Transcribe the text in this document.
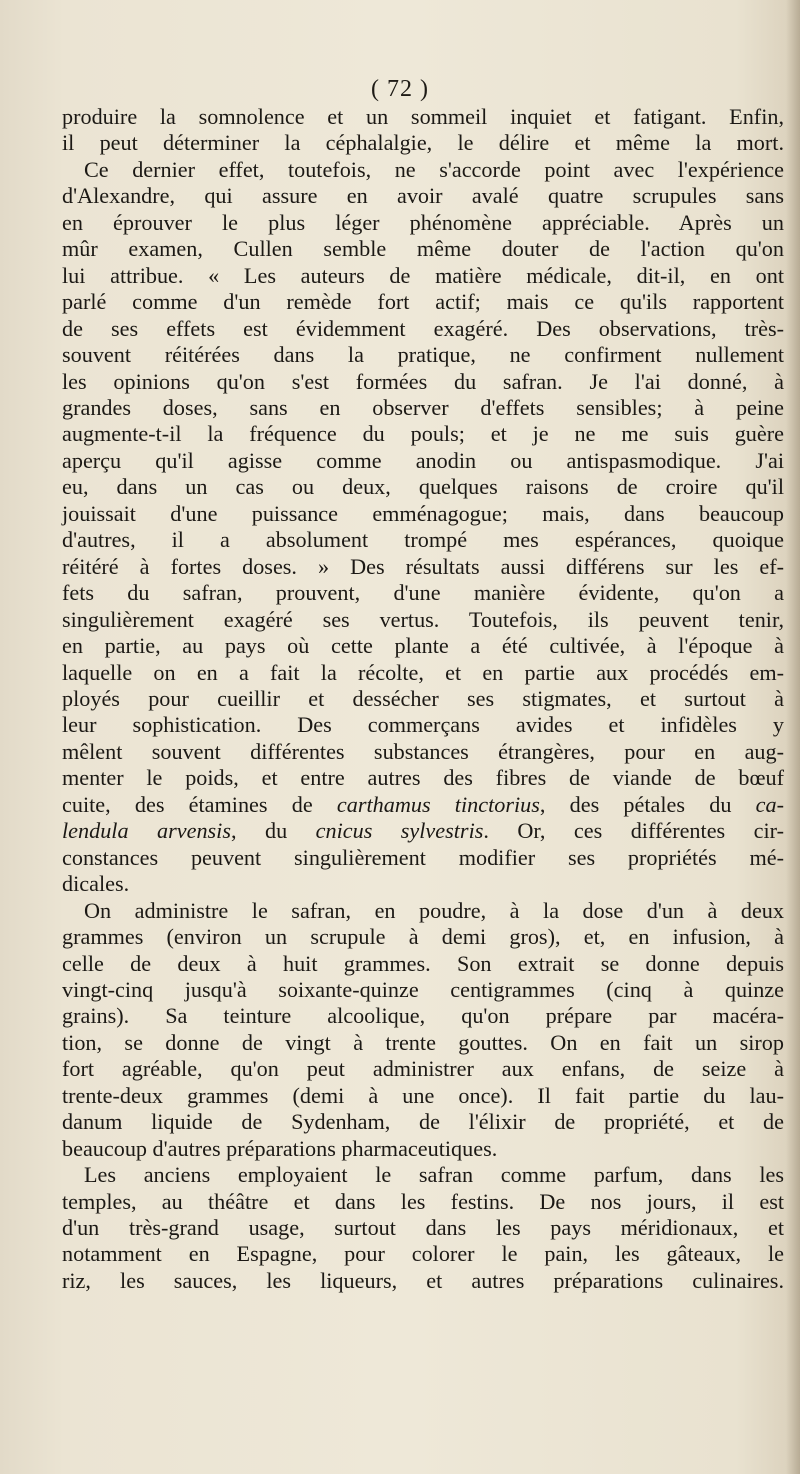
( 72 )
produire la somnolence et un sommeil inquiet et fatigant. Enfin,
il peut déterminer la céphalalgie, le délire et même la mort.
Ce dernier effet, toutefois, ne s'accorde point avec l'expérience
d'Alexandre, qui assure en avoir avalé quatre scrupules sans
en éprouver le plus léger phénomène appréciable. Après un
mûr examen, Cullen semble même douter de l'action qu'on
lui attribue. « Les auteurs de matière médicale, dit-il, en ont
parlé comme d'un remède fort actif; mais ce qu'ils rapportent
de ses effets est évidemment exagéré. Des observations, très-
souvent réitérées dans la pratique, ne confirment nullement
les opinions qu'on s'est formées du safran. Je l'ai donné, à
grandes doses, sans en observer d'effets sensibles; à peine
augmente-t-il la fréquence du pouls; et je ne me suis guère
aperçu qu'il agisse comme anodin ou antispasmodique. J'ai
eu, dans un cas ou deux, quelques raisons de croire qu'il
jouissait d'une puissance emménagogue; mais, dans beaucoup
d'autres, il a absolument trompé mes espérances, quoique
réitéré à fortes doses. » Des résultats aussi différens sur les ef-
fets du safran, prouvent, d'une manière évidente, qu'on a
singulièrement exagéré ses vertus. Toutefois, ils peuvent tenir,
en partie, au pays où cette plante a été cultivée, à l'époque à
laquelle on en a fait la récolte, et en partie aux procédés em-
ployés pour cueillir et dessécher ses stigmates, et surtout à
leur sophistication. Des commerçans avides et infidèles y
mêlent souvent différentes substances étrangères, pour en aug-
menter le poids, et entre autres des fibres de viande de bœuf
cuite, des étamines de carthamus tinctorius, des pétales du ca-
lendula arvensis, du cnicus sylvestris. Or, ces différentes cir-
constances peuvent singulièrement modifier ses propriétés mé-
dicales.
On administre le safran, en poudre, à la dose d'un à deux
grammes (environ un scrupule à demi gros), et, en infusion, à
celle de deux à huit grammes. Son extrait se donne depuis
vingt-cinq jusqu'à soixante-quinze centigrammes (cinq à quinze
grains). Sa teinture alcoolique, qu'on prépare par macéra-
tion, se donne de vingt à trente gouttes. On en fait un sirop
fort agréable, qu'on peut administrer aux enfans, de seize à
trente-deux grammes (demi à une once). Il fait partie du lau-
danum liquide de Sydenham, de l'élixir de propriété, et de
beaucoup d'autres préparations pharmaceutiques.
Les anciens employaient le safran comme parfum, dans les
temples, au théâtre et dans les festins. De nos jours, il est
d'un très-grand usage, surtout dans les pays méridionaux, et
notamment en Espagne, pour colorer le pain, les gâteaux, le
riz, les sauces, les liqueurs, et autres préparations culinaires.
